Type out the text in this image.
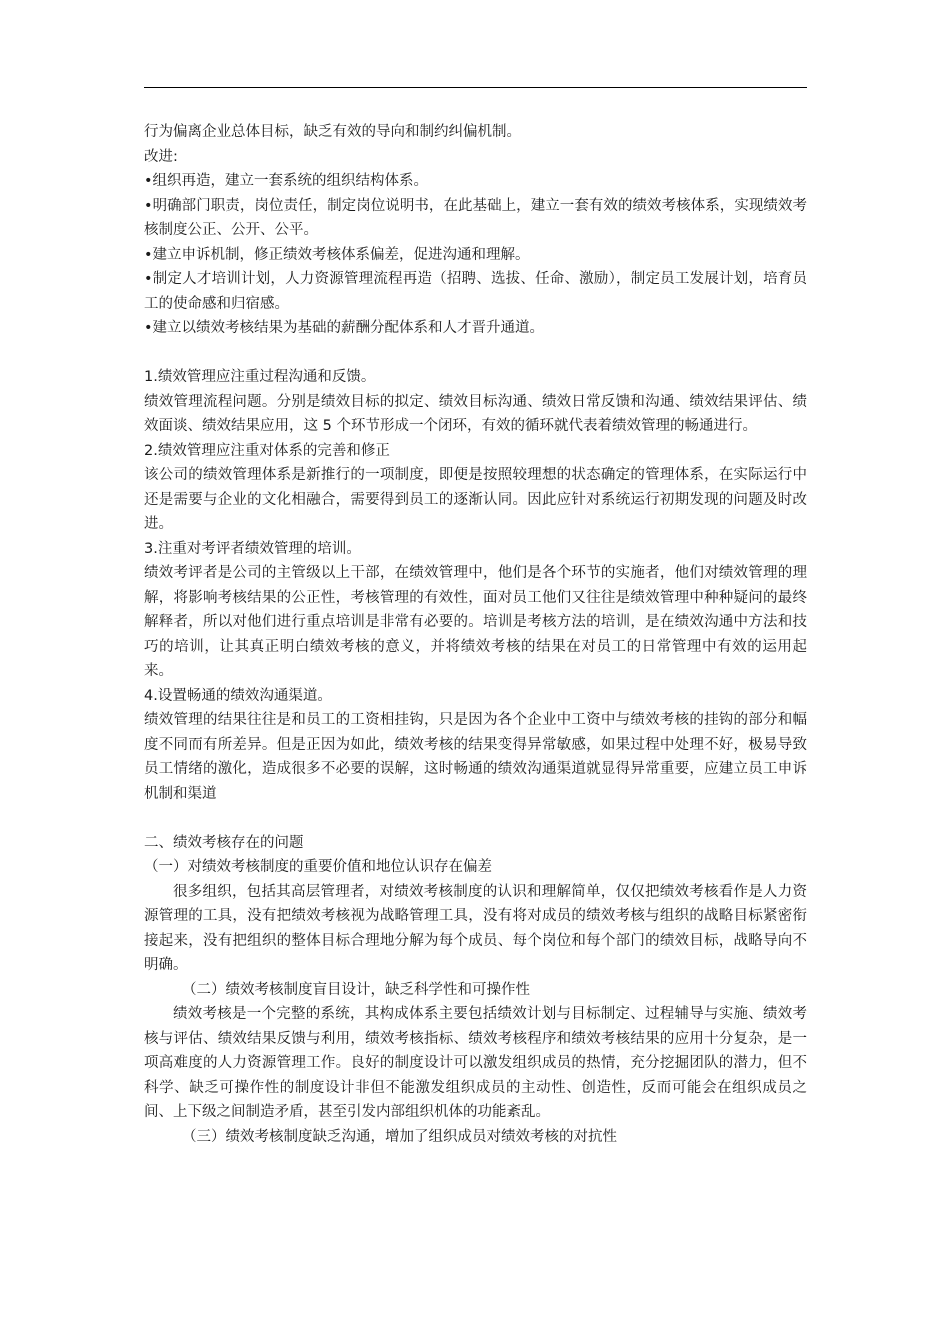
行为偏离企业总体目标，缺乏有效的导向和制约纠偏机制。

改进:

•组织再造，建立一套系统的组织结构体系。

•明确部门职责，岗位责任，制定岗位说明书，在此基础上，建立一套有效的绩效考核体系，实现绩效考核制度公正、公开、公平。

•建立申诉机制，修正绩效考核体系偏差，促进沟通和理解。

•制定人才培训计划，人力资源管理流程再造（招聘、选拔、任命、激励），制定员工发展计划，培育员工的使命感和归宿感。

•建立以绩效考核结果为基础的薪酬分配体系和人才晋升通道。

1.绩效管理应注重过程沟通和反馈。

绩效管理流程问题。分别是绩效目标的拟定、绩效目标沟通、绩效日常反馈和沟通、绩效结果评估、绩效面谈、绩效结果应用，这 5 个环节形成一个闭环，有效的循环就代表着绩效管理的畅通进行。

2.绩效管理应注重对体系的完善和修正

该公司的绩效管理体系是新推行的一项制度，即便是按照较理想的状态确定的管理体系，在实际运行中还是需要与企业的文化相融合，需要得到员工的逐渐认同。因此应针对系统运行初期发现的问题及时改进。

3.注重对考评者绩效管理的培训。

绩效考评者是公司的主管级以上干部，在绩效管理中，他们是各个环节的实施者，他们对绩效管理的理解，将影响考核结果的公正性，考核管理的有效性，面对员工他们又往往是绩效管理中种种疑问的最终解释者，所以对他们进行重点培训是非常有必要的。培训是考核方法的培训，是在绩效沟通中方法和技巧的培训，让其真正明白绩效考核的意义，并将绩效考核的结果在对员工的日常管理中有效的运用起来。

4.设置畅通的绩效沟通渠道。

绩效管理的结果往往是和员工的工资相挂钩，只是因为各个企业中工资中与绩效考核的挂钩的部分和幅度不同而有所差异。但是正因为如此，绩效考核的结果变得异常敏感，如果过程中处理不好，极易导致员工情绪的激化，造成很多不必要的误解，这时畅通的绩效沟通渠道就显得异常重要，应建立员工申诉机制和渠道

二、绩效考核存在的问题

（一）对绩效考核制度的重要价值和地位认识存在偏差

很多组织，包括其高层管理者，对绩效考核制度的认识和理解简单，仅仅把绩效考核看作是人力资源管理的工具，没有把绩效考核视为战略管理工具，没有将对成员的绩效考核与组织的战略目标紧密衔接起来，没有把组织的整体目标合理地分解为每个成员、每个岗位和每个部门的绩效目标，战略导向不明确。

（二）绩效考核制度盲目设计，缺乏科学性和可操作性

绩效考核是一个完整的系统，其构成体系主要包括绩效计划与目标制定、过程辅导与实施、绩效考核与评估、绩效结果反馈与利用，绩效考核指标、绩效考核程序和绩效考核结果的应用十分复杂，是一项高难度的人力资源管理工作。良好的制度设计可以激发组织成员的热情，充分挖掘团队的潜力，但不科学、缺乏可操作性的制度设计非但不能激发组织成员的主动性、创造性，反而可能会在组织成员之间、上下级之间制造矛盾，甚至引发内部组织机体的功能紊乱。

（三）绩效考核制度缺乏沟通，增加了组织成员对绩效考核的对抗性
